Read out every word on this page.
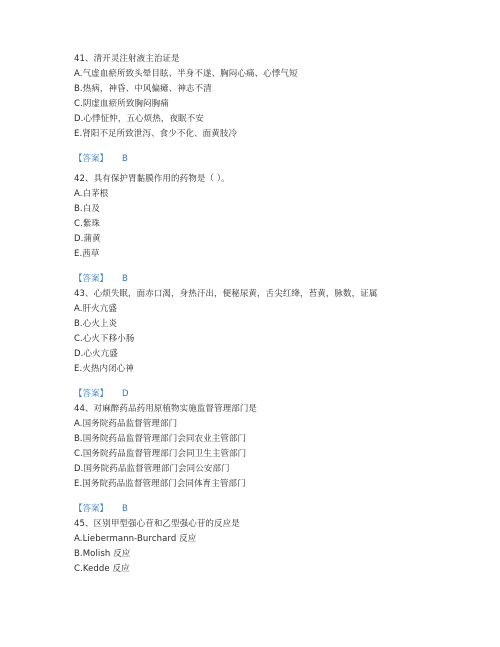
41、清开灵注射液主治证是
A.气虚血瘀所致头晕目眩、半身不遂、胸闷心痛、心悸气短
B.热病，神昏、中风偏瘫、神志不清
C.阴虚血瘀所致胸闷胸痛
D.心悸怔忡，五心烦热，夜眠不安
E.肾阳不足所致泄泻、食少不化、面黄肢冷
【答案】 B
42、具有保护胃黏膜作用的药物是（ ）。
A.白茅根
B.白及
C.紫珠
D.蒲黄
E.茜草
【答案】 B
43、心烦失眠，面赤口渴，身热汗出，便秘尿黄，舌尖红绛，苔黄，脉数，证属
A.肝火亢盛
B.心火上炎
C.心火下移小肠
D.心火亢盛
E.火热内闭心神
【答案】 D
44、对麻醉药品药用原植物实施监督管理部门是
A.国务院药品监督管理部门
B.国务院药品监督管理部门会同农业主管部门
C.国务院药品监督管理部门会同卫生主管部门
D.国务院药品监督管理部门会同公安部门
E.国务院药品监督管理部门会同体育主管部门
【答案】 B
45、区别甲型强心苷和乙型强心苷的反应是
A.Liebermann-Burchard 反应
B.Molish 反应
C.Kedde 反应
